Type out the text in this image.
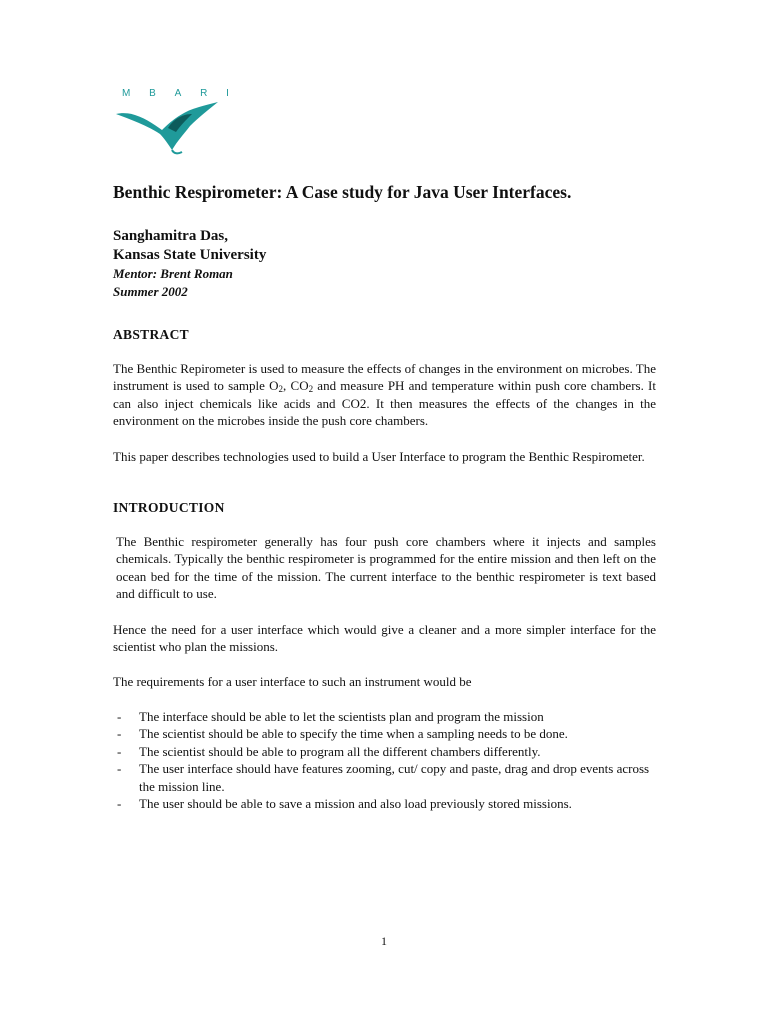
M B A R I
Benthic Respirometer: A Case study for Java User Interfaces.
Sanghamitra Das,
Kansas State University
Mentor: Brent Roman
Summer 2002
ABSTRACT

The Benthic Repirometer is used to measure the effects of changes in the environment on microbes. The instrument is used to sample $O_2$, $CO_2$ and measure PH and temperature within push core chambers. It can also inject chemicals like acids and CO2. It then measures the effects of the changes in the environment on the microbes inside the push core chambers.

This paper describes technologies used to build a User Interface to program the Benthic Respirometer.

INTRODUCTION

The Benthic respirometer generally has four push core chambers where it injects and samples chemicals. Typically the benthic respirometer is programmed for the entire mission and then left on the ocean bed for the time of the mission. The current interface to the benthic respirometer is text based and difficult to use.

Hence the need for a user interface which would give a cleaner and a more simpler interface for the scientist who plan the missions.

The requirements for a user interface to such an instrument would be

-	The interface should be able to let the scientists plan and program the mission
-	The scientist should be able to specify the time when a sampling needs to be done.
-	The scientist should be able to program all the different chambers differently.
-	The user interface should have features zooming, cut/ copy and paste, drag and drop events across the mission line.
-	The user should be able to save a mission and also load previously stored missions.
1
